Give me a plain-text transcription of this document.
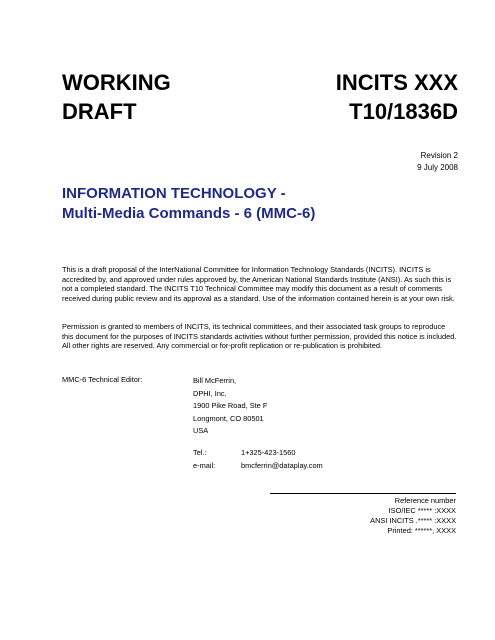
WORKING
DRAFT
INCITS XXX
T10/1836D
Revision 2
9 July 2008
INFORMATION TECHNOLOGY -
Multi-Media Commands - 6 (MMC-6)
This is a draft proposal of the InterNational Committee for Information Technology Standards (INCITS). INCITS is accredited by, and approved under rules approved by, the American National Standards Institute (ANSI). As such this is not a completed standard. The INCITS T10 Technical Committee may modify this document as a result of comments received during public review and its approval as a standard. Use of the information contained herein is at your own risk.
Permission is granted to members of INCITS, its technical committees, and their associated task groups to reproduce this document for the purposes of INCITS standards activities without further permission, provided this notice is included. All other rights are reserved. Any commercial or for-profit replication or re-publication is prohibited.
MMC-6 Technical Editor:	Bill McFerrin,
DPHI, Inc.
1900 Pike Road, Ste F
Longmont, CO 80501
USA
Tel.:	1+325-423-1560
e-mail:	bmcferrin@dataplay.com
Reference number
ISO/IEC ***** :XXXX
ANSI INCITS .***** :XXXX
Printed: ******, XXXX
